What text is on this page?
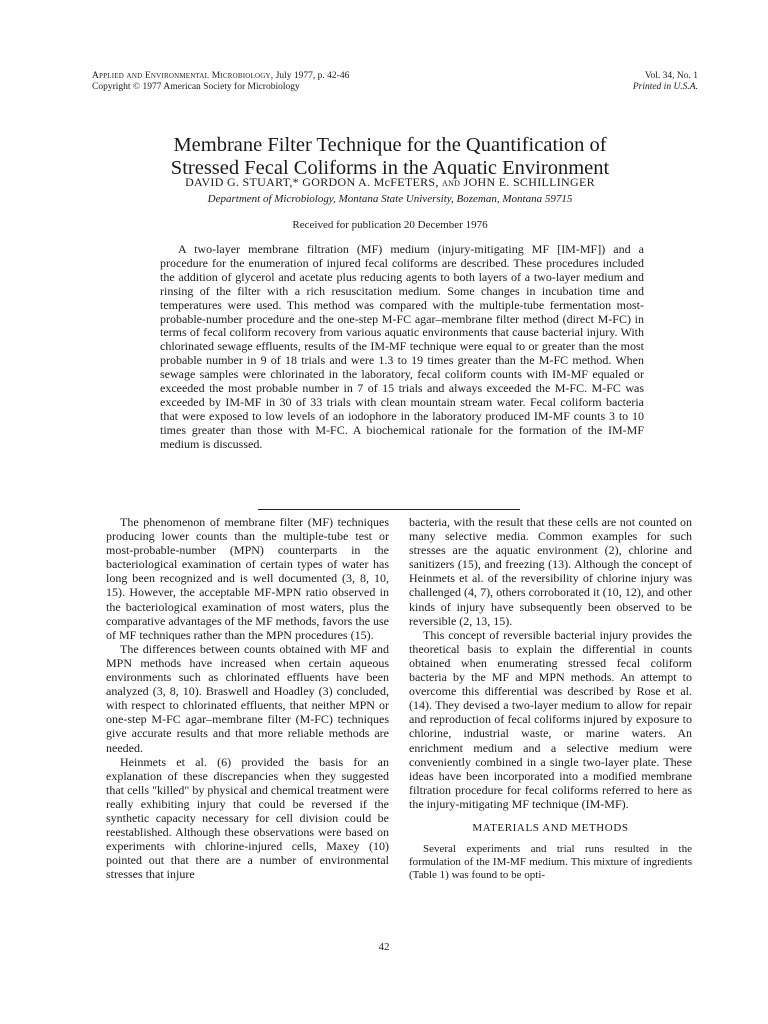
Applied and Environmental Microbiology, July 1977, p. 42-46
Copyright © 1977 American Society for Microbiology
Vol. 34, No. 1
Printed in U.S.A.
Membrane Filter Technique for the Quantification of
Stressed Fecal Coliforms in the Aquatic Environment
DAVID G. STUART,* GORDON A. McFETERS, and JOHN E. SCHILLINGER
Department of Microbiology, Montana State University, Bozeman, Montana 59715
Received for publication 20 December 1976

A two-layer membrane filtration (MF) medium (injury-mitigating MF [IM-MF]) and a procedure for the enumeration of injured fecal coliforms are described. These procedures included the addition of glycerol and acetate plus reducing agents to both layers of a two-layer medium and rinsing of the filter with a rich resuscitation medium. Some changes in incubation time and temperatures were used. This method was compared with the multiple-tube fermentation most-probable-number procedure and the one-step M-FC agar–membrane filter method (direct M-FC) in terms of fecal coliform recovery from various aquatic environments that cause bacterial injury. With chlorinated sewage effluents, results of the IM-MF technique were equal to or greater than the most probable number in 9 of 18 trials and were 1.3 to 19 times greater than the M-FC method. When sewage samples were chlorinated in the laboratory, fecal coliform counts with IM-MF equaled or exceeded the most probable number in 7 of 15 trials and always exceeded the M-FC. M-FC was exceeded by IM-MF in 30 of 33 trials with clean mountain stream water. Fecal coliform bacteria that were exposed to low levels of an iodophore in the laboratory produced IM-MF counts 3 to 10 times greater than those with M-FC. A biochemical rationale for the formation of the IM-MF medium is discussed.

The phenomenon of membrane filter (MF) techniques producing lower counts than the multiple-tube test or most-probable-number (MPN) counterparts in the bacteriological examination of certain types of water has long been recognized and is well documented (3, 8, 10, 15). However, the acceptable MF-MPN ratio observed in the bacteriological examination of most waters, plus the comparative advantages of the MF methods, favors the use of MF techniques rather than the MPN procedures (15).

The differences between counts obtained with MF and MPN methods have increased when certain aqueous environments such as chlorinated effluents have been analyzed (3, 8, 10). Braswell and Hoadley (3) concluded, with respect to chlorinated effluents, that neither MPN or one-step M-FC agar–membrane filter (M-FC) techniques give accurate results and that more reliable methods are needed.

Heinmets et al. (6) provided the basis for an explanation of these discrepancies when they suggested that cells "killed" by physical and chemical treatment were really exhibiting injury that could be reversed if the synthetic capacity necessary for cell division could be reestablished. Although these observations were based on experiments with chlorine-injured cells, Maxey (10) pointed out that there are a number of environmental stresses that injure

bacteria, with the result that these cells are not counted on many selective media. Common examples for such stresses are the aquatic environment (2), chlorine and sanitizers (15), and freezing (13). Although the concept of Heinmets et al. of the reversibility of chlorine injury was challenged (4, 7), others corroborated it (10, 12), and other kinds of injury have subsequently been observed to be reversible (2, 13, 15).

This concept of reversible bacterial injury provides the theoretical basis to explain the differential in counts obtained when enumerating stressed fecal coliform bacteria by the MF and MPN methods. An attempt to overcome this differential was described by Rose et al. (14). They devised a two-layer medium to allow for repair and reproduction of fecal coliforms injured by exposure to chlorine, industrial waste, or marine waters. An enrichment medium and a selective medium were conveniently combined in a single two-layer plate. These ideas have been incorporated into a modified membrane filtration procedure for fecal coliforms referred to here as the injury-mitigating MF technique (IM-MF).

MATERIALS AND METHODS

Several experiments and trial runs resulted in the formulation of the IM-MF medium. This mixture of ingredients (Table 1) was found to be opti-

42
